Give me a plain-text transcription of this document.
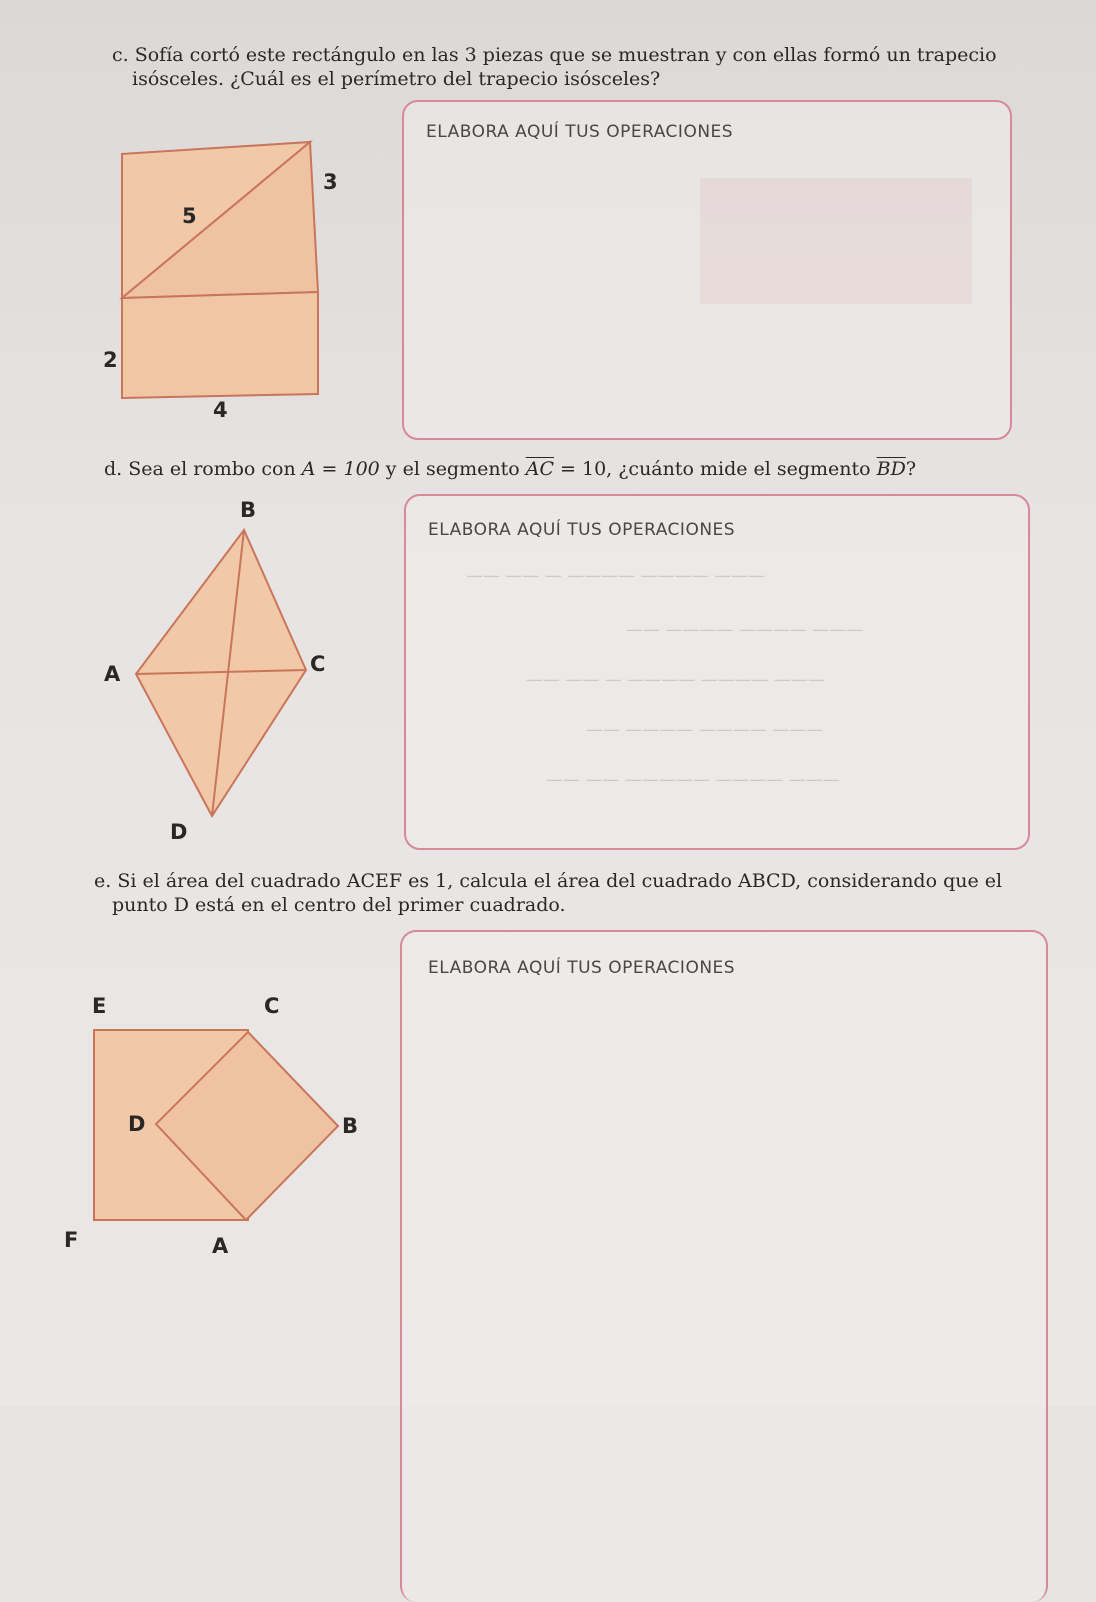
c. Sofía cortó este rectángulo en las 3 piezas que se muestran y con ellas formó un trapecio
isósceles. ¿Cuál es el perímetro del trapecio isósceles?
5
3
2
4
ELABORA AQUÍ TUS OPERACIONES
d. Sea el rombo con A = 100 y el segmento $\overline{AC} = 10$, ¿cuánto mide el segmento $\overline{BD}$?
B
A	C
D
ELABORA AQUÍ TUS OPERACIONES
——— ———— ———— — —— ——
——— ———— ———— ——
——— ———— ———— — —— ——
——— ———— ———— ——
——— ———— ————— —— ——
e. Si el área del cuadrado ACEF es 1, calcula el área del cuadrado ABCD, considerando que el
punto D está en el centro del primer cuadrado.
E	C
D	B
F	A
ELABORA AQUÍ TUS OPERACIONES
